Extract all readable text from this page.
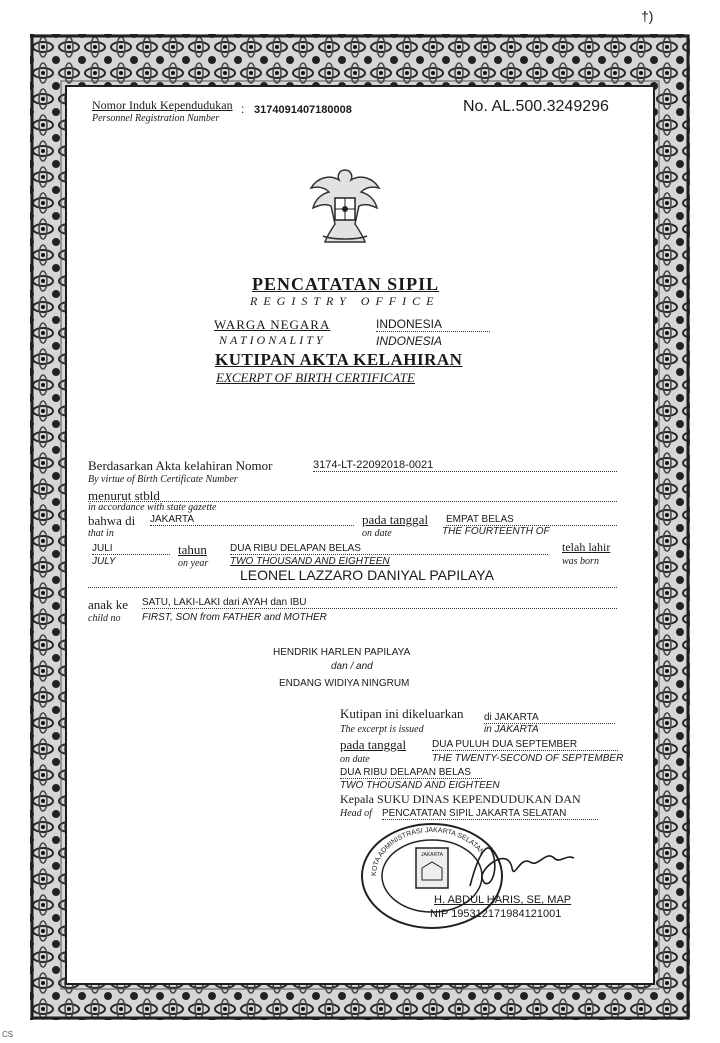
†)
Nomor Induk Kependudukan
Personnel Registration Number
: 3174091407180008	No. AL.500.3249296
PENCATATAN SIPIL
REGISTRY OFFICE
WARGA NEGARA
NATIONALITY
INDONESIA
INDONESIA
KUTIPAN AKTA KELAHIRAN
EXCERPT OF BIRTH CERTIFICATE
Berdasarkan Akta kelahiran Nomor
By virtue of Birth Certificate Number
3174-LT-22092018-0021
menurut stbld
in accordance with state gazette
bahwa di
that in
JAKARTA	pada tanggal
on date
EMPAT BELAS
THE FOURTEENTH OF
JULI
JULY
tahun
on year
DUA RIBU DELAPAN BELAS
TWO THOUSAND AND EIGHTEEN
telah lahir
was born
LEONEL LAZZARO DANIYAL PAPILAYA
anak ke
child no
SATU, LAKI-LAKI dari AYAH dan IBU
FIRST, SON from FATHER and MOTHER
HENDRIK HARLEN PAPILAYA
dan / and
ENDANG WIDIYA NINGRUM
Kutipan ini dikeluarkan
The excerpt is issued
di JAKARTA
in JAKARTA
pada tanggal
on date
DUA PULUH DUA SEPTEMBER
THE TWENTY-SECOND OF SEPTEMBER
DUA RIBU DELAPAN BELAS
TWO THOUSAND AND EIGHTEEN
Kepala SUKU DINAS KEPENDUDUKAN DAN
Head of PENCATATAN SIPIL JAKARTA SELATAN
KOTA ADMINISTRASI JAKARTA SELATAN
JAKARTA
H. ABDUL HARIS, SE, MAP
NIP 195312171984121001
CS
